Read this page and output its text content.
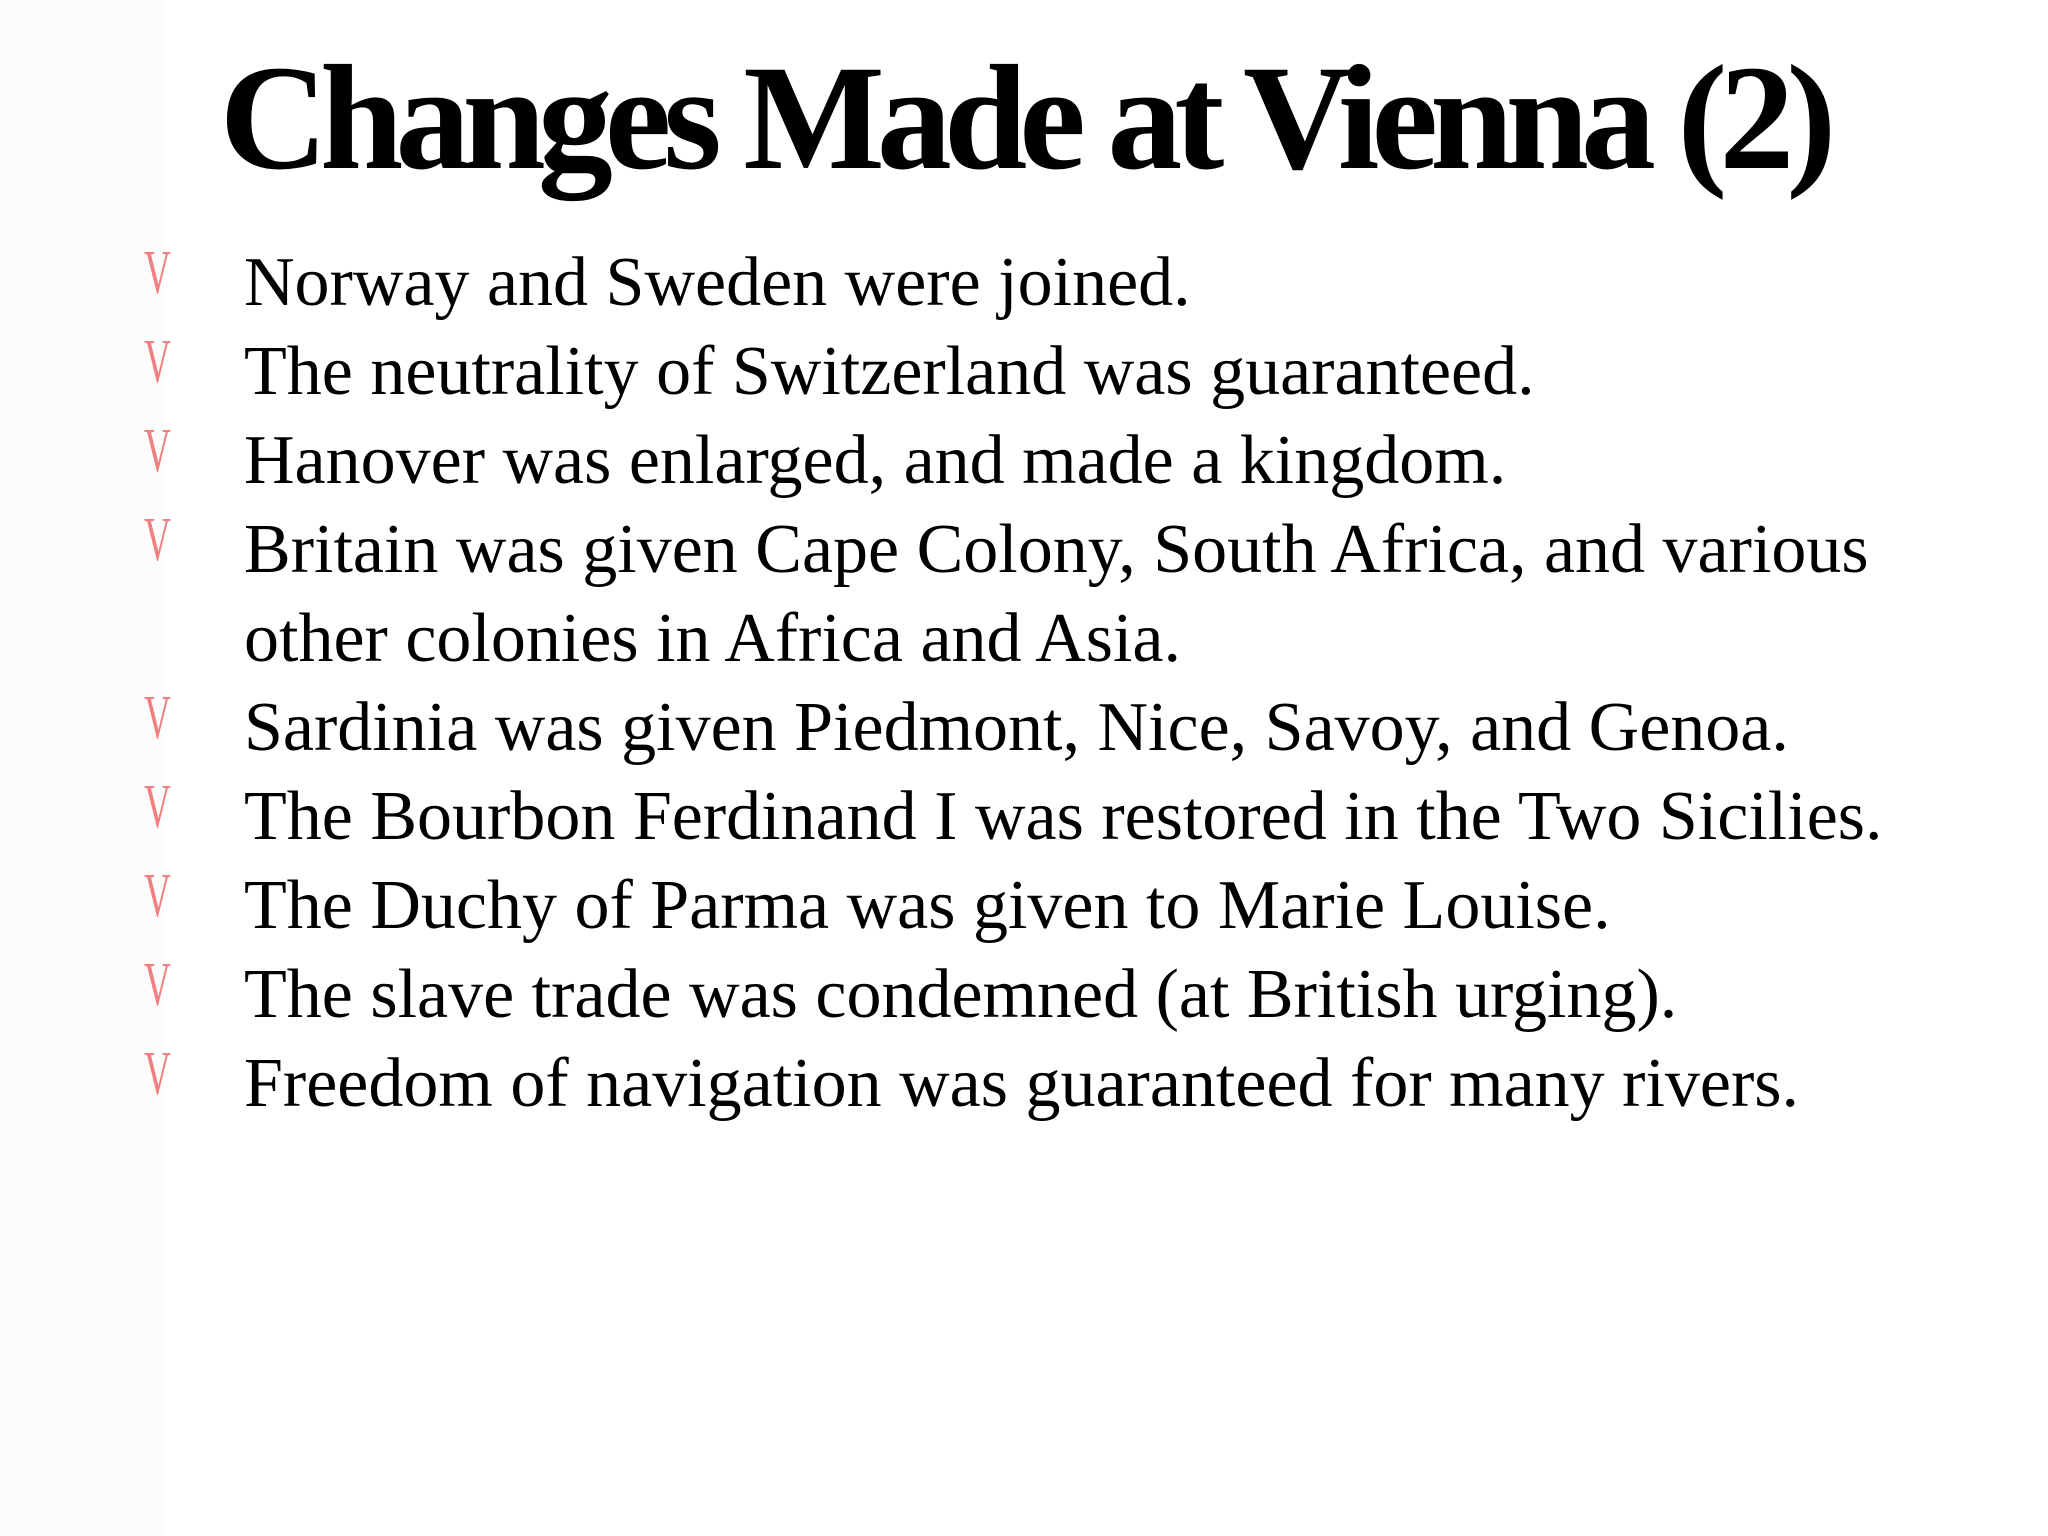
Changes Made at Vienna (2)
V Norway and Sweden were joined.
V The neutrality of Switzerland was guaranteed.
V Hanover was enlarged, and made a kingdom.
V Britain was given Cape Colony, South Africa, and various other colonies in Africa and Asia.
V Sardinia was given Piedmont, Nice, Savoy, and Genoa.
V The Bourbon Ferdinand I was restored in the Two Sicilies.
V The Duchy of Parma was given to Marie Louise.
V The slave trade was condemned (at British urging).
V Freedom of navigation was guaranteed for many rivers.
